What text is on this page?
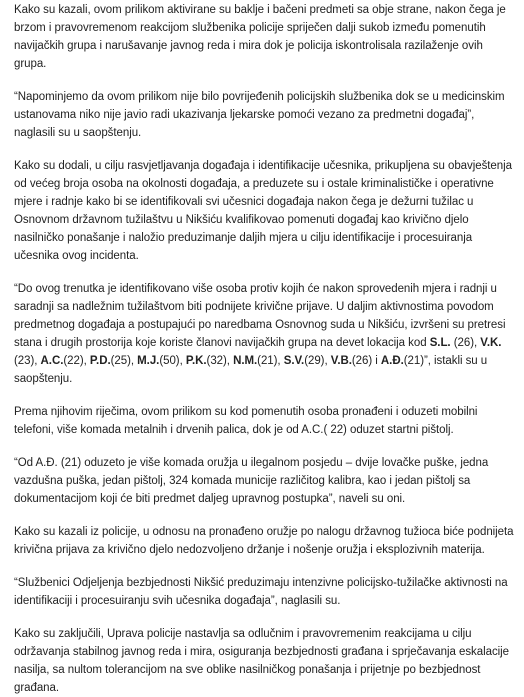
Kako su kazali, ovom prilikom aktivirane su baklje i bačeni predmeti sa obje strane, nakon čega je brzom i pravovremenom reakcijom službenika policije spriječen dalji sukob između pomenutih navijačkih grupa i narušavanje javnog reda i mira dok je policija iskontrolisala razilaženje ovih grupa.

“Napominjemo da ovom prilikom nije bilo povrijeđenih policijskih službenika dok se u medicinskim ustanovama niko nije javio radi ukazivanja ljekarske pomoći vezano za predmetni događaj”, naglasili su u saopštenju.

Kako su dodali, u cilju rasvjetljavanja događaja i identifikacije učesnika, prikupljena su obavještenja od većeg broja osoba na okolnosti događaja, a preduzete su i ostale kriminalističke i operativne mjere i radnje kako bi se identifikovali svi učesnici događaja nakon čega je dežurni tužilac u Osnovnom državnom tužilaštvu u Nikšiću kvalifikovao pomenuti događaj kao krivično djelo nasilničko ponašanje i naložio preduzimanje daljih mjera u cilju identifikacije i procesuiranja učesnika ovog incidenta.

“Do ovog trenutka je identifikovano više osoba protiv kojih će nakon sprovedenih mjera i radnji u saradnji sa nadležnim tužilaštvom biti podnijete krivične prijave. U daljim aktivnostima povodom predmetnog događaja a postupajući po naredbama Osnovnog suda u Nikšiću, izvršeni su pretresi stana i drugih prostorija koje koriste članovi navijačkih grupa na devet lokacija kod S.L. (26), V.K.(23), A.C.(22), P.D.(25), M.J.(50), P.K.(32), N.M.(21), S.V.(29), V.B.(26) i A.Đ.(21)”, istakli su u saopštenju.

Prema njihovim riječima, ovom prilikom su kod pomenutih osoba pronađeni i oduzeti mobilni telefoni, više komada metalnih i drvenih palica, dok je od A.C.( 22) oduzet startni pištolj.

“Od A.Đ. (21) oduzeto je više komada oružja u ilegalnom posjedu – dvije lovačke puške, jedna vazdušna puška, jedan pištolj, 324 komada municije različitog kalibra, kao i jedan pištolj sa dokumentacijom koji će biti predmet daljeg upravnog postupka”, naveli su oni.

Kako su kazali iz policije, u odnosu na pronađeno oružje po nalogu državnog tužioca biće podnijeta krivična prijava za krivično djelo nedozvoljeno držanje i nošenje oružja i eksplozivnih materija.

“Službenici Odjeljenja bezbjednosti Nikšić preduzimaju intenzivne policijsko-tužilačke aktivnosti na identifikaciji i procesuiranju svih učesnika događaja”, naglasili su.

Kako su zaključili, Uprava policije nastavlja sa odlučnim i pravovremenim reakcijama u cilju održavanja stabilnog javnog reda i mira, osiguranja bezbjednosti građana i sprječavanja eskalacije nasilja, sa nultom tolerancijom na sve oblike nasilničkog ponašanja i prijetnje po bezbjednost građana.
